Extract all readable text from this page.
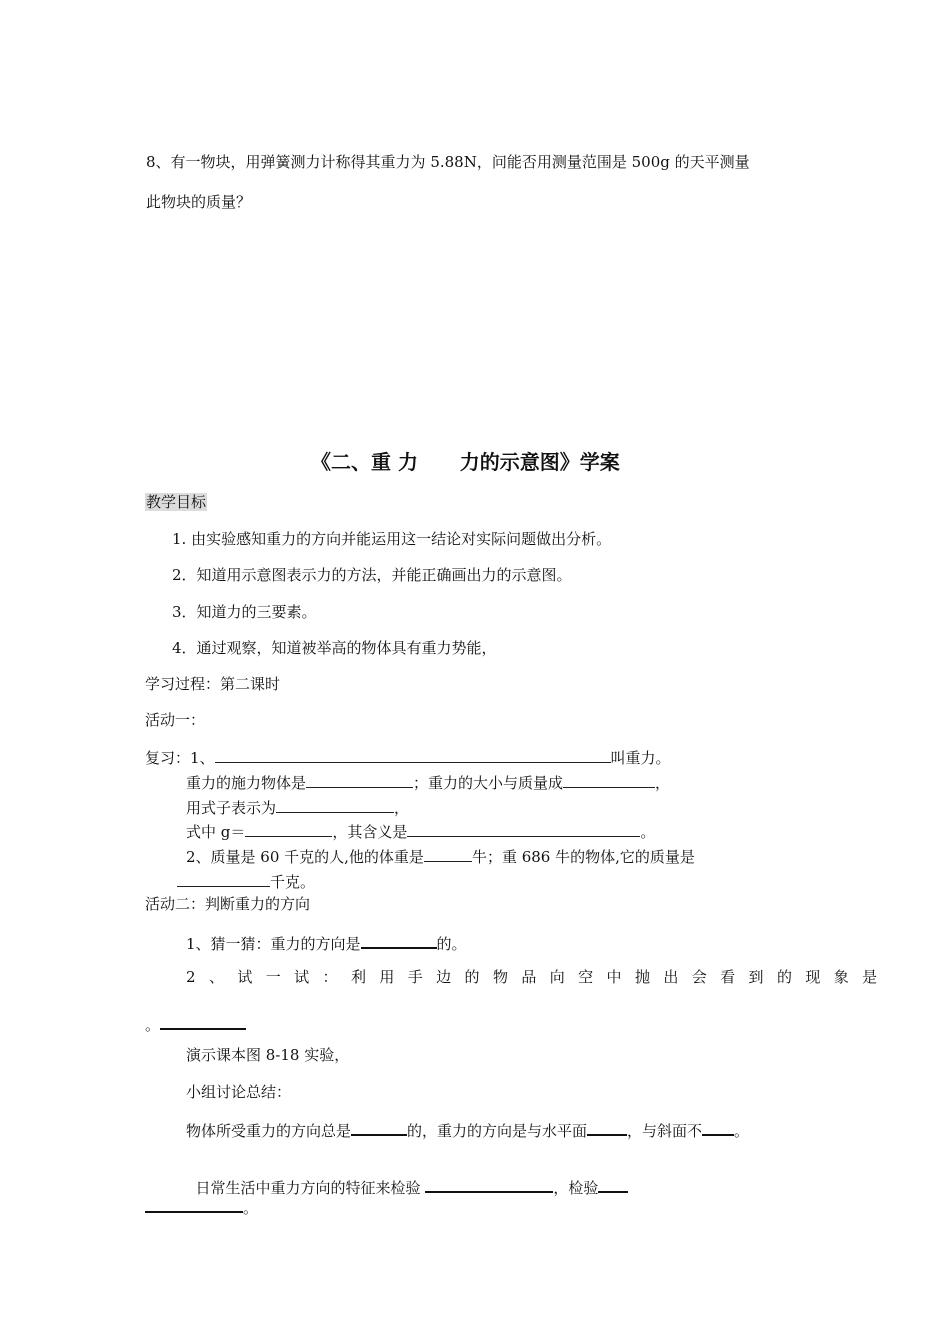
8、有一物块，用弹簧测力计称得其重力为 5.88N，问能否用测量范围是 500g 的天平测量
此物块的质量？
《二、重 力      力的示意图》学案
教学目标
1. 由实验感知重力的方向并能运用这一结论对实际问题做出分析。
2．知道用示意图表示力的方法，并能正确画出力的示意图。
3．知道力的三要素。
4．通过观察，知道被举高的物体具有重力势能，
学习过程：第二课时
活动一：
复习：1、	叫重力。
重力的施力物体是	；重力的大小与质量成	，
用式子表示为	，
式中 g＝	，其含义是	。
2、质量是 60 千克的人,他的体重是	牛；重 686 牛的物体,它的质量是
千克。
活动二：判断重力的方向
1、猜一猜：重力的方向是	的。
2、试一试：利用手边的物品向空中抛出会看到的现象是
。
演示课本图 8-18 实验，
小组讨论总结：
物体所受重力的方向总是	的，重力的方向是与水平面	，与斜面不 。

日常生活中重力方向的特征来检验	，检验

。
